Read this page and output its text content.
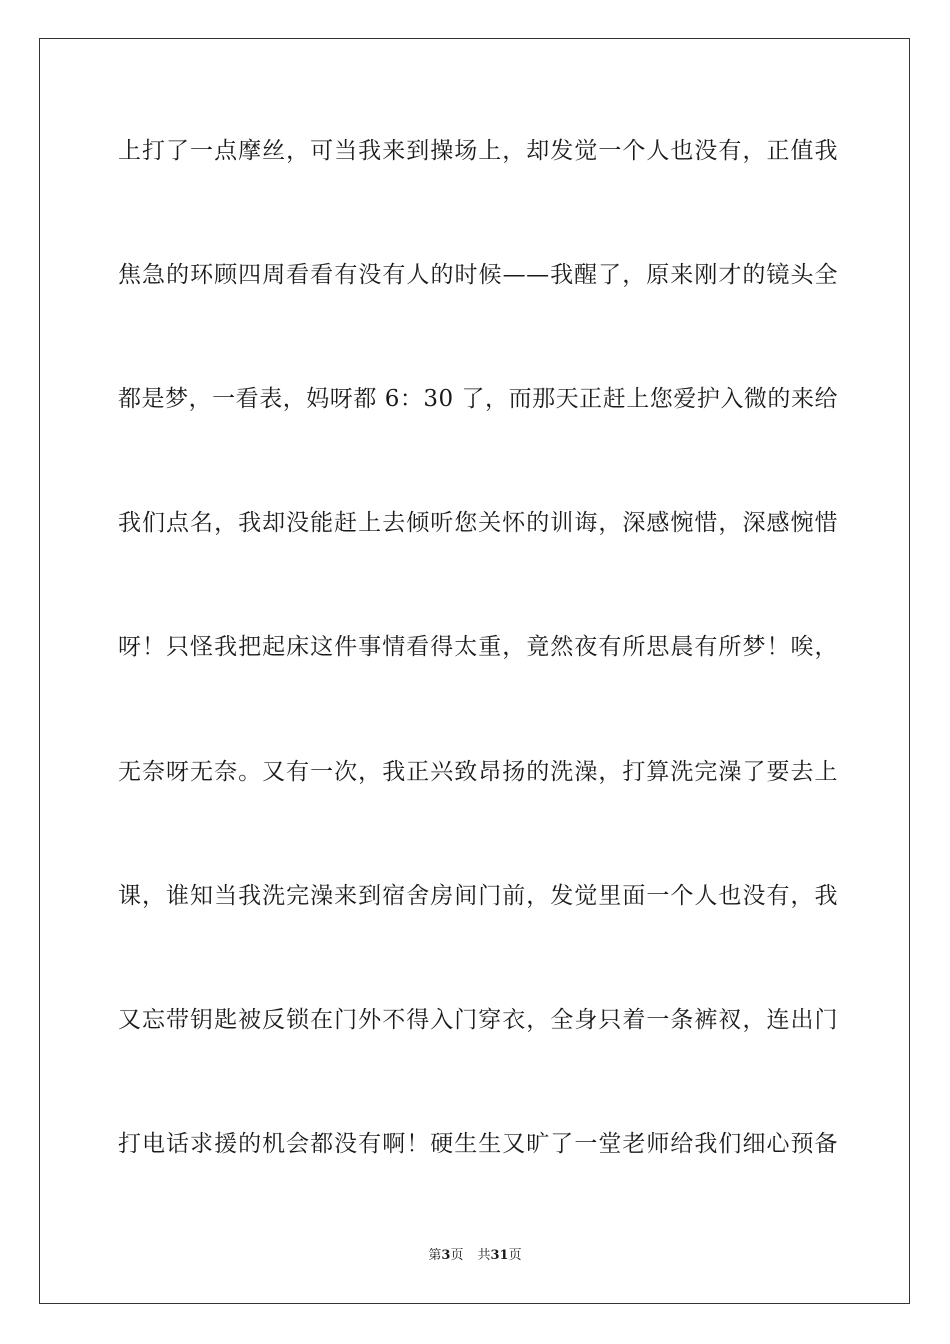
上打了一点摩丝，可当我来到操场上，却发觉一个人也没有，正值我
焦急的环顾四周看看有没有人的时候——我醒了，原来刚才的镜头全
都是梦，一看表，妈呀都 6：30 了，而那天正赶上您爱护入微的来给
我们点名，我却没能赶上去倾听您关怀的训诲，深感惋惜，深感惋惜
呀！只怪我把起床这件事情看得太重，竟然夜有所思晨有所梦！唉，
无奈呀无奈。又有一次，我正兴致昂扬的洗澡，打算洗完澡了要去上
课，谁知当我洗完澡来到宿舍房间门前，发觉里面一个人也没有，我
又忘带钥匙被反锁在门外不得入门穿衣，全身只着一条裤衩，连出门
打电话求援的机会都没有啊！硬生生又旷了一堂老师给我们细心预备
第3页 共31页
